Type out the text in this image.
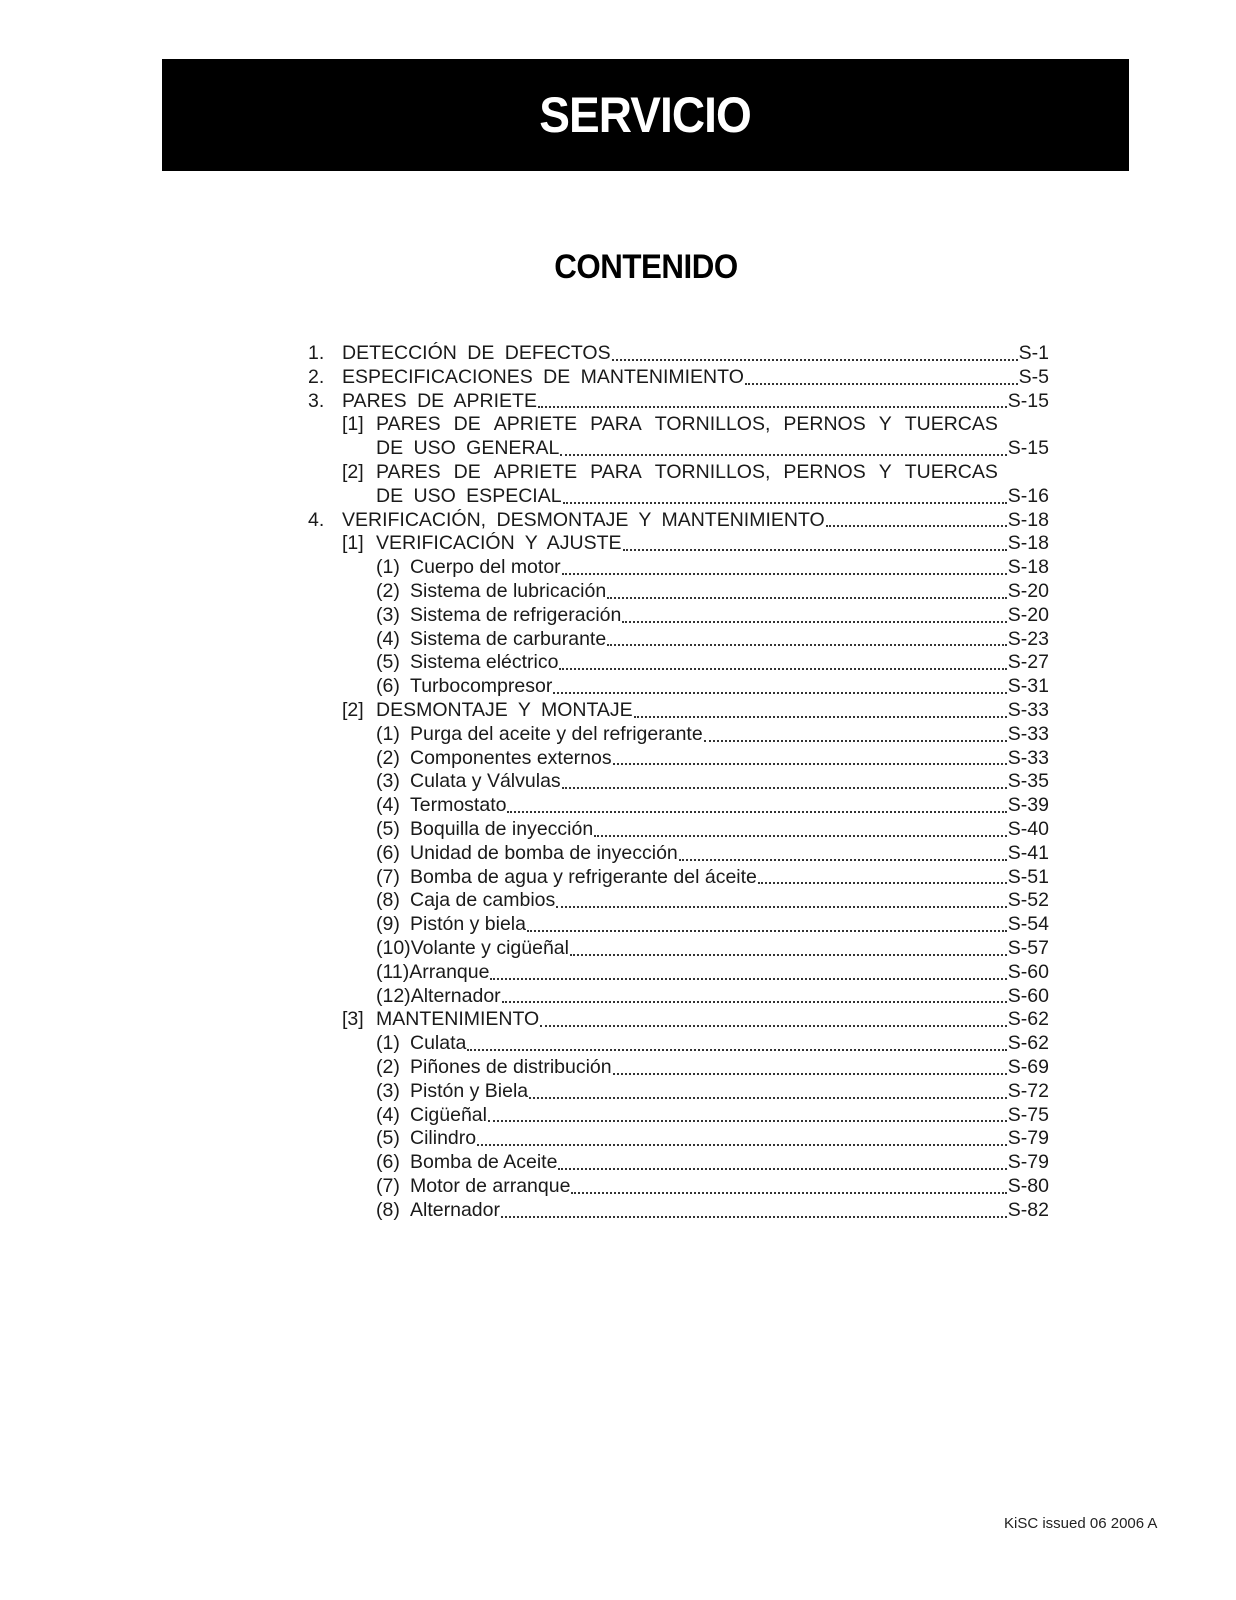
SERVICIO
CONTENIDO
1. DETECCIÓN DE DEFECTOS	S-1
2. ESPECIFICACIONES DE MANTENIMIENTO	S-5
3. PARES DE APRIETE	S-15
[1] PARES DE APRIETE PARA TORNILLOS, PERNOS Y TUERCAS
DE USO GENERAL	S-15
[2] PARES DE APRIETE PARA TORNILLOS, PERNOS Y TUERCAS
DE USO ESPECIAL	S-16
4. VERIFICACIÓN, DESMONTAJE Y MANTENIMIENTO	S-18
[1] VERIFICACIÓN Y AJUSTE	S-18
(1) Cuerpo del motor	S-18
(2) Sistema de lubricación	S-20
(3) Sistema de refrigeración	S-20
(4) Sistema de carburante	S-23
(5) Sistema eléctrico	S-27
(6) Turbocompresor	S-31
[2] DESMONTAJE Y MONTAJE	S-33
(1) Purga del aceite y del refrigerante	S-33
(2) Componentes externos	S-33
(3) Culata y Válvulas	S-35
(4) Termostato	S-39
(5) Boquilla de inyección	S-40
(6) Unidad de bomba de inyección	S-41
(7) Bomba de agua y refrigerante del áceite	S-51
(8) Caja de cambios	S-52
(9) Pistón y biela	S-54
(10) Volante y cigüeñal	S-57
(11) Arranque	S-60
(12) Alternador	S-60
[3] MANTENIMIENTO	S-62
(1) Culata	S-62
(2) Piñones de distribución	S-69
(3) Pistón y Biela	S-72
(4) Cigüeñal	S-75
(5) Cilindro	S-79
(6) Bomba de Aceite	S-79
(7) Motor de arranque	S-80
(8) Alternador	S-82
KiSC issued 06 2006 A
